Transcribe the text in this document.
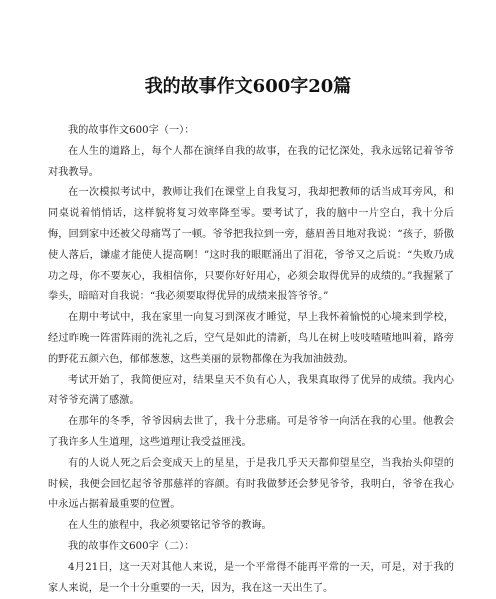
我的故事作文600字20篇

我的故事作文600字（一）：

在人生的道路上，每个人都在演绎自我的故事，在我的记忆深处，我永远铭记着爷爷对我教导。

在一次模拟考试中，教师让我们在课堂上自我复习，我却把教师的话当成耳旁风，和同桌说着悄悄话，这样貌将复习效率降至零。要考试了，我的脑中一片空白，我十分后悔，回到家中还被父母痛骂了一顿。爷爷把我拉到一旁，慈眉善目地对我说：“孩子，骄傲使人落后，谦虚才能使人提高啊！”这时我的眼眶涌出了泪花，爷爷又之后说：“失败乃成功之母，你不要灰心，我相信你，只要你好好用心，必须会取得优异的成绩的。”我握紧了拳头，暗暗对自我说：“我必须要取得优异的成绩来报答爷爷。”

在期中考试中，我在家里一向复习到深夜才睡觉，早上我怀着愉悦的心境来到学校，经过昨晚一阵雷阵雨的洗礼之后，空气是如此的清新，鸟儿在树上吱吱喳喳地叫着，路旁的野花五颜六色，郁郁葱葱，这些美丽的景物都像在为我加油鼓劲。

考试开始了，我简便应对，结果皇天不负有心人，我果真取得了优异的成绩。我内心对爷爷充满了感激。

在那年的冬季，爷爷因病去世了，我十分悲痛。可是爷爷一向活在我的心里。他教会了我许多人生道理，这些道理让我受益匪浅。

有的人说人死之后会变成天上的星星，于是我几乎天天都仰望星空，当我抬头仰望的时候，我便会回忆起爷爷那慈祥的容颜。有时我做梦还会梦见爷爷，我明白，爷爷在我心中永远占据着最重要的位置。

在人生的旅程中，我必须要铭记爷爷的教诲。

我的故事作文600字（二）：

4月21日，这一天对其他人来说，是一个平常得不能再平常的一天，可是，对于我的家人来说，是一个十分重要的一天，因为，我在这一天出生了。
